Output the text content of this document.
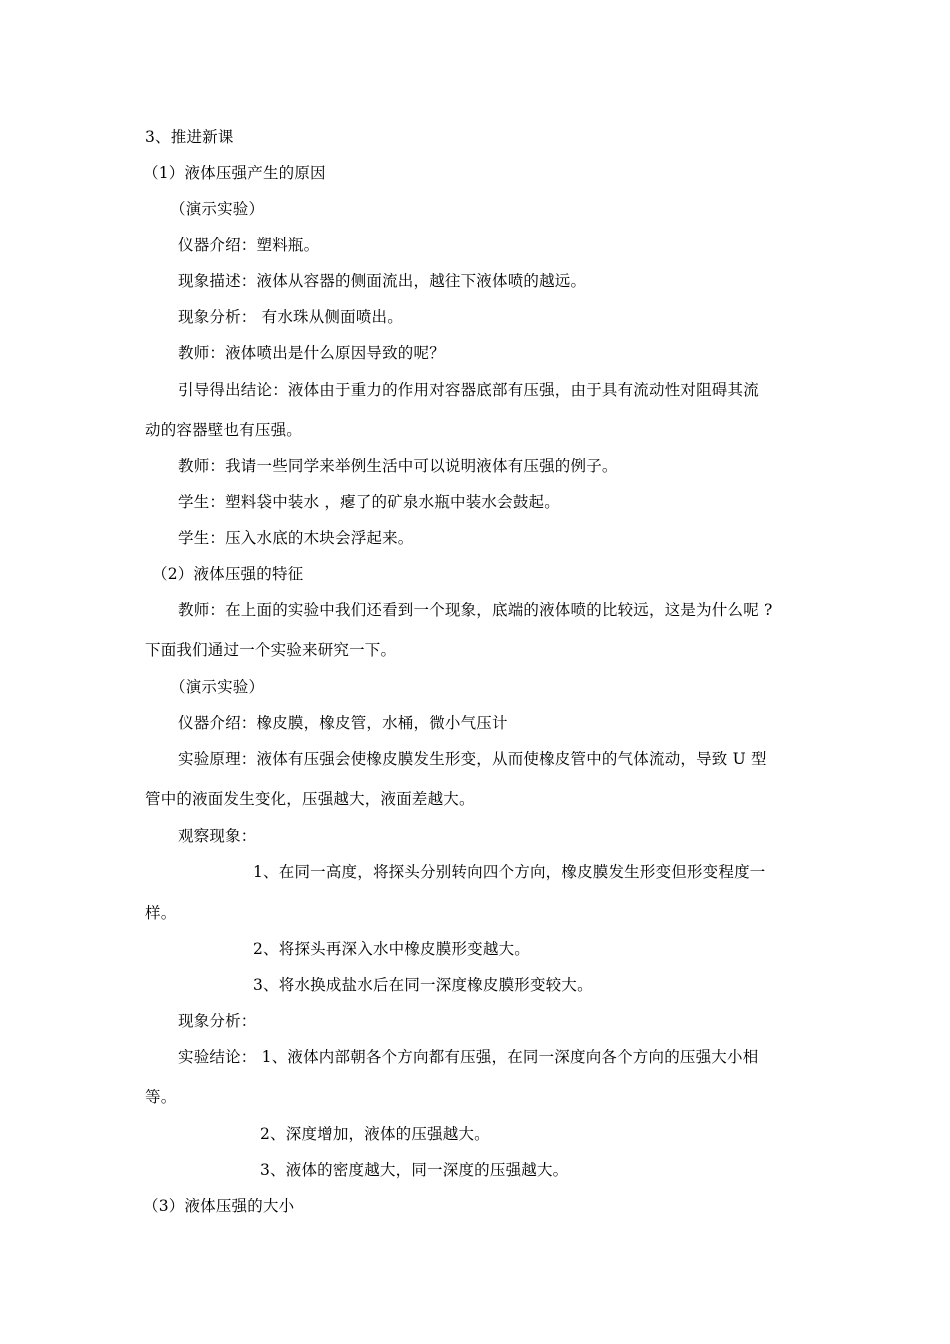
3、推进新课
（1）液体压强产生的原因
（演示实验）
仪器介绍：塑料瓶。
现象描述：液体从容器的侧面流出，越往下液体喷的越远。
现象分析： 有水珠从侧面喷出。
教师：液体喷出是什么原因导致的呢？
引导得出结论：液体由于重力的作用对容器底部有压强，由于具有流动性对阻碍其流
动的容器壁也有压强。
教师：我请一些同学来举例生活中可以说明液体有压强的例子。
学生：塑料袋中装水 ，瘪了的矿泉水瓶中装水会鼓起。
学生：压入水底的木块会浮起来。
（2）液体压强的特征
教师：在上面的实验中我们还看到一个现象，底端的液体喷的比较远，这是为什么呢 ?
下面我们通过一个实验来研究一下。
（演示实验）
仪器介绍：橡皮膜，橡皮管，水桶，微小气压计
实验原理：液体有压强会使橡皮膜发生形变，从而使橡皮管中的气体流动，导致 U 型
管中的液面发生变化，压强越大，液面差越大。
观察现象：
1、在同一高度，将探头分别转向四个方向，橡皮膜发生形变但形变程度一
样。
2、将探头再深入水中橡皮膜形变越大。
3、将水换成盐水后在同一深度橡皮膜形变较大。
现象分析：
实验结论： 1、液体内部朝各个方向都有压强，在同一深度向各个方向的压强大小相
等。
2、深度增加，液体的压强越大。
3、液体的密度越大，同一深度的压强越大。
（3）液体压强的大小
